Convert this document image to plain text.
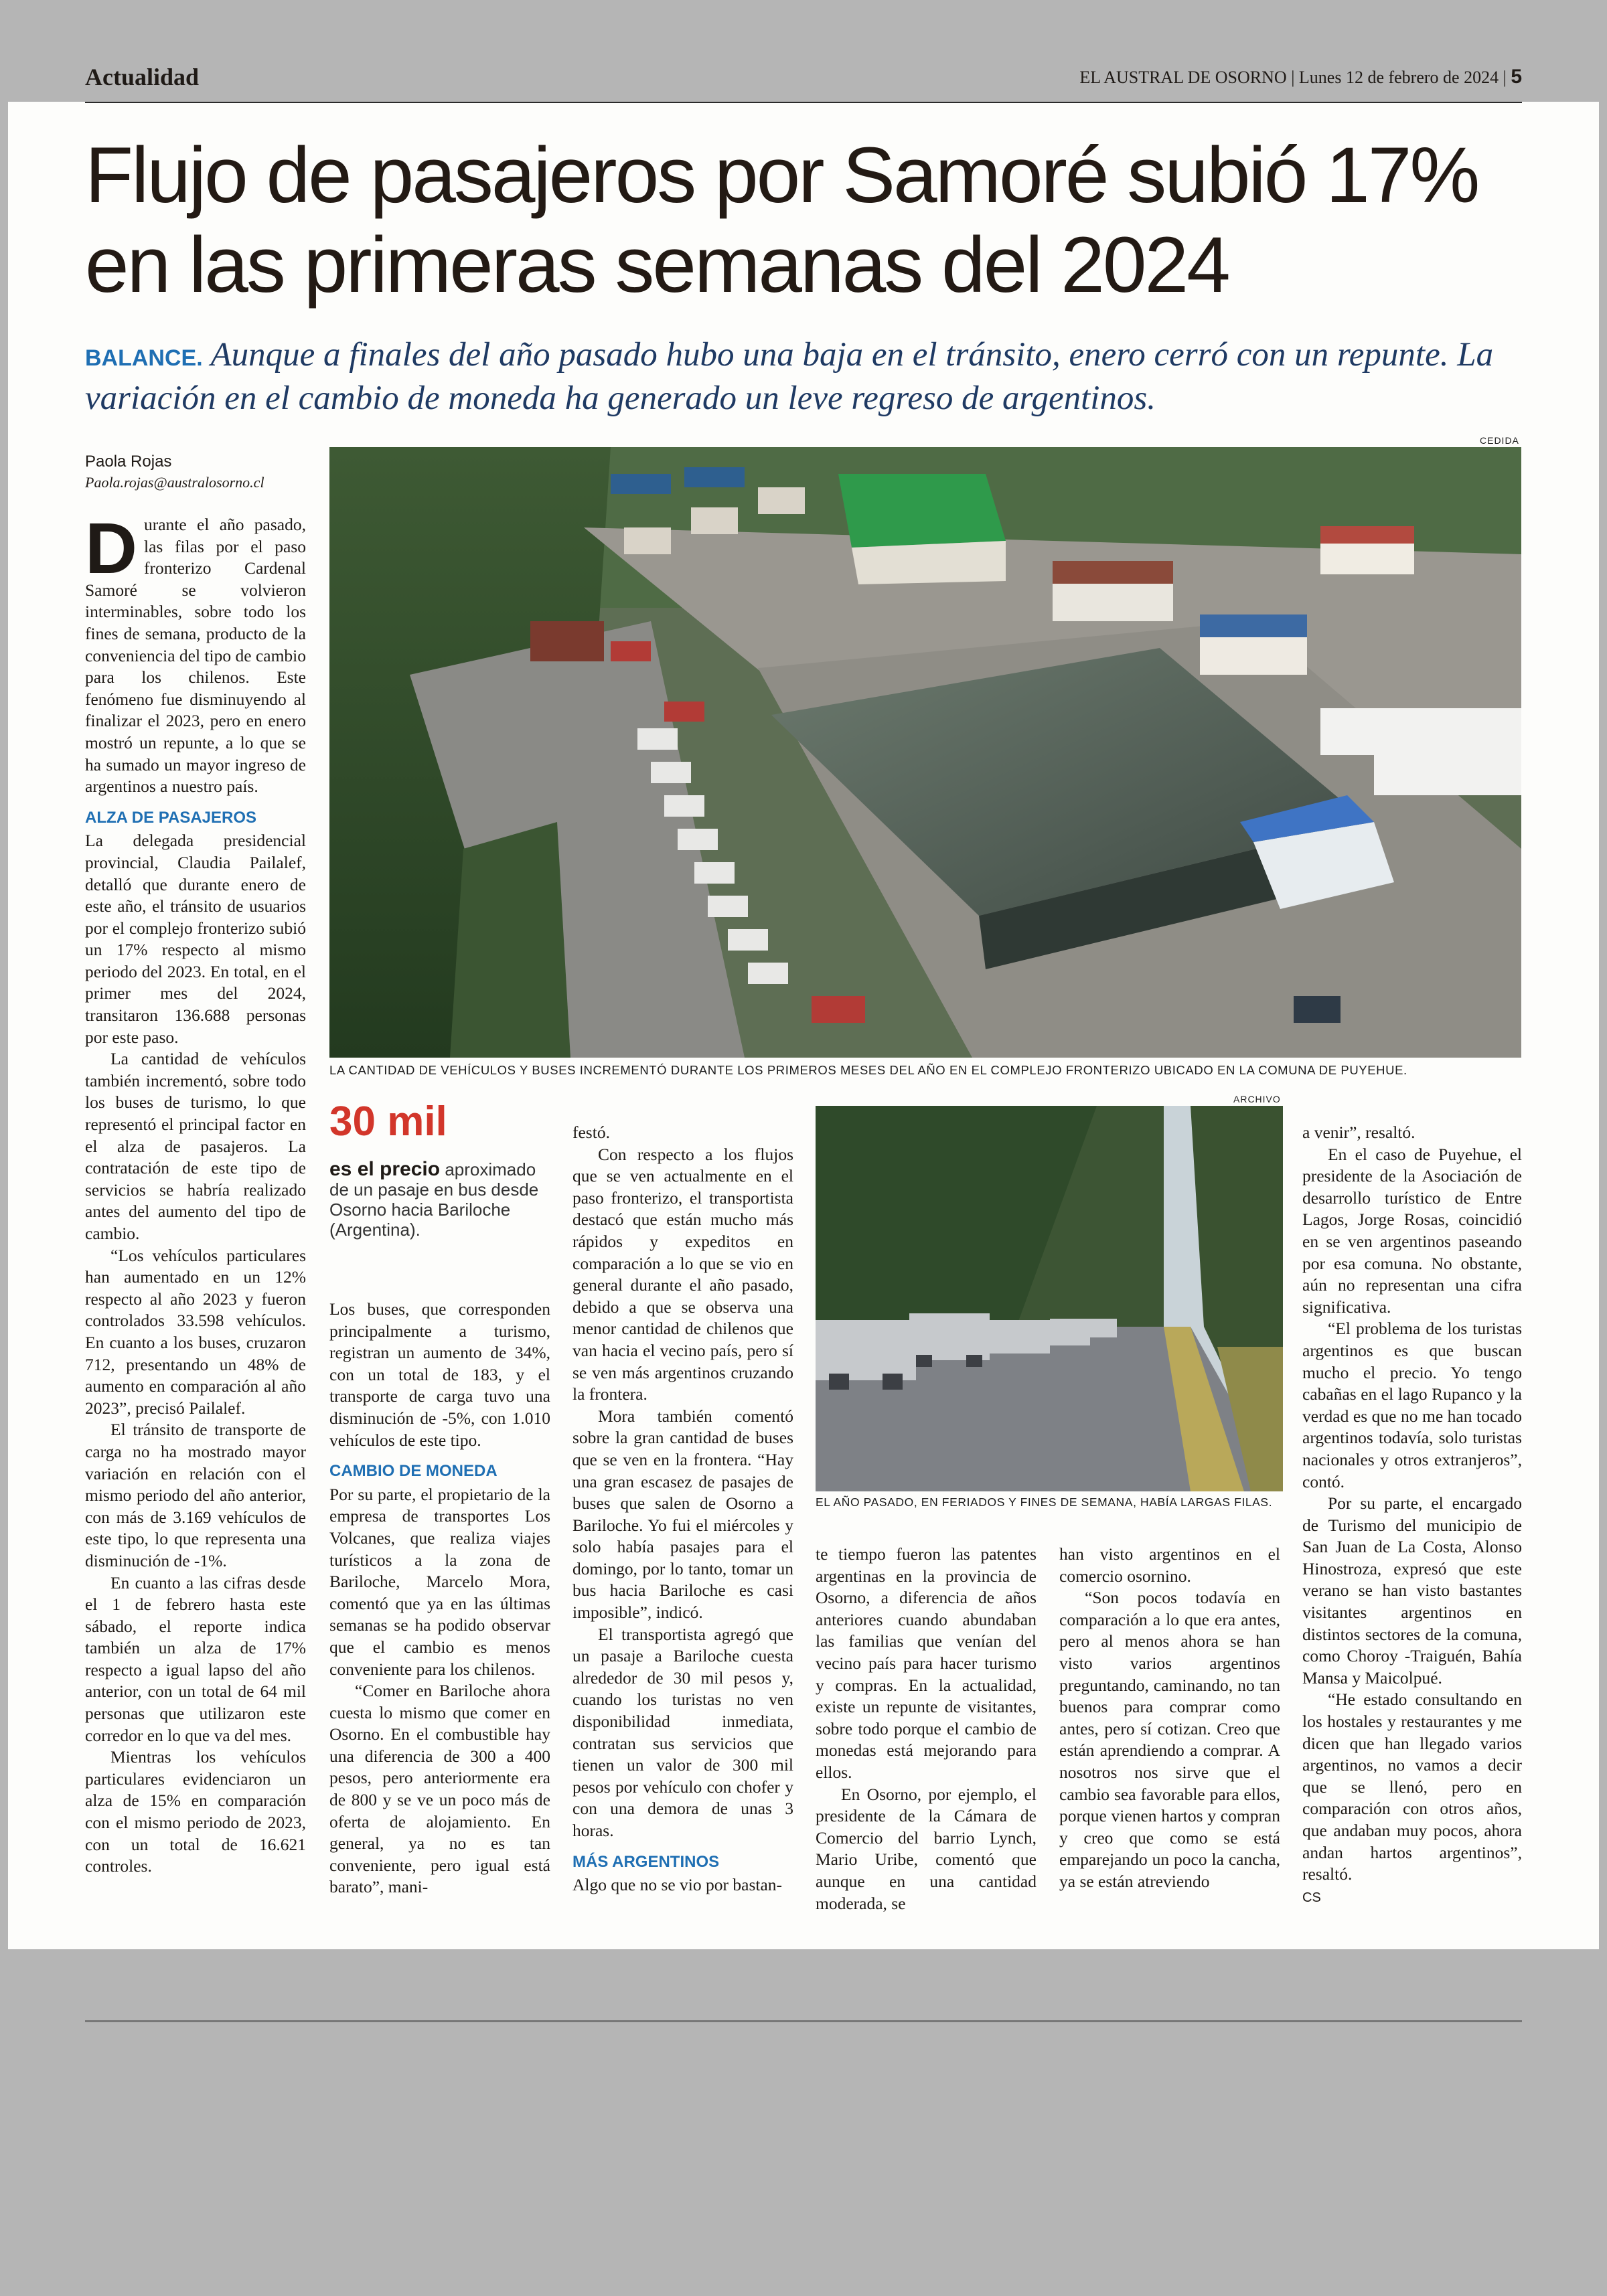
Actualidad	EL AUSTRAL DE OSORNO | Lunes 12 de febrero de 2024 | 5
Flujo de pasajeros por Samoré subió 17% en las primeras semanas del 2024
BALANCE. Aunque a finales del año pasado hubo una baja en el tránsito, enero cerró con un repunte. La variación en el cambio de moneda ha generado un leve regreso de argentinos.
Paola Rojas
Paola.rojas@australosorno.cl
CEDIDA
LA CANTIDAD DE VEHÍCULOS Y BUSES INCREMENTÓ DURANTE LOS PRIMEROS MESES DEL AÑO EN EL COMPLEJO FRONTERIZO UBICADO EN LA COMUNA DE PUYEHUE.
30 mil
es el precio aproximado de un pasaje en bus desde Osorno hacia Bariloche (Argentina).
ARCHIVO
EL AÑO PASADO, EN FERIADOS Y FINES DE SEMANA, HABÍA LARGAS FILAS.

Durante el año pasado, las filas por el paso fronterizo Cardenal Samoré se volvieron interminables, sobre todo los fines de semana, producto de la conveniencia del tipo de cambio para los chilenos. Este fenómeno fue disminuyendo al finalizar el 2023, pero en enero mostró un repunte, a lo que se ha sumado un mayor ingreso de argentinos a nuestro país.

ALZA DE PASAJEROS

La delegada presidencial provincial, Claudia Pailalef, detalló que durante enero de este año, el tránsito de usuarios por el complejo fronterizo subió un 17% respecto al mismo periodo del 2023. En total, en el primer mes del 2024, transitaron 136.688 personas por este paso.

La cantidad de vehículos también incrementó, sobre todo los buses de turismo, lo que representó el principal factor en el alza de pasajeros. La contratación de este tipo de servicios se habría realizado antes del aumento del tipo de cambio.

“Los vehículos particulares han aumentado en un 12% respecto al año 2023 y fueron controlados 33.598 vehículos. En cuanto a los buses, cruzaron 712, presentando un 48% de aumento en comparación al año 2023”, precisó Pailalef.

El tránsito de transporte de carga no ha mostrado mayor variación en relación con el mismo periodo del año anterior, con más de 3.169 vehículos de este tipo, lo que representa una disminución de -1%.

En cuanto a las cifras desde el 1 de febrero hasta este sábado, el reporte indica también un alza de 17% respecto a igual lapso del año anterior, con un total de 64 mil personas que utilizaron este corredor en lo que va del mes.

Mientras los vehículos particulares evidenciaron un alza de 15% en comparación con el mismo periodo de 2023, con un total de 16.621 controles.

Los buses, que corresponden principalmente a turismo, registran un aumento de 34%, con un total de 183, y el transporte de carga tuvo una disminución de -5%, con 1.010 vehículos de este tipo.

CAMBIO DE MONEDA

Por su parte, el propietario de la empresa de transportes Los Volcanes, que realiza viajes turísticos a la zona de Bariloche, Marcelo Mora, comentó que ya en las últimas semanas se ha podido observar que el cambio es menos conveniente para los chilenos.

“Comer en Bariloche ahora cuesta lo mismo que comer en Osorno. En el combustible hay una diferencia de 300 a 400 pesos, pero anteriormente era de 800 y se ve un poco más de oferta de alojamiento. En general, ya no es tan conveniente, pero igual está barato”, mani-

festó.

Con respecto a los flujos que se ven actualmente en el paso fronterizo, el transportista destacó que están mucho más rápidos y expeditos en comparación a lo que se vio en general durante el año pasado, debido a que se observa una menor cantidad de chilenos que van hacia el vecino país, pero sí se ven más argentinos cruzando la frontera.

Mora también comentó sobre la gran cantidad de buses que se ven en la frontera. “Hay una gran escasez de pasajes de buses que salen de Osorno a Bariloche. Yo fui el miércoles y solo había pasajes para el domingo, por lo tanto, tomar un bus hacia Bariloche es casi imposible”, indicó.

El transportista agregó que un pasaje a Bariloche cuesta alrededor de 30 mil pesos y, cuando los turistas no ven disponibilidad inmediata, contratan sus servicios que tienen un valor de 300 mil pesos por vehículo con chofer y con una demora de unas 3 horas.

MÁS ARGENTINOS

Algo que no se vio por bastan-

te tiempo fueron las patentes argentinas en la provincia de Osorno, a diferencia de años anteriores cuando abundaban las familias que venían del vecino país para hacer turismo y compras. En la actualidad, existe un repunte de visitantes, sobre todo porque el cambio de monedas está mejorando para ellos.

En Osorno, por ejemplo, el presidente de la Cámara de Comercio del barrio Lynch, Mario Uribe, comentó que aunque en una cantidad moderada, se

han visto argentinos en el comercio osornino.

“Son pocos todavía en comparación a lo que era antes, pero al menos ahora se han visto varios argentinos preguntando, caminando, no tan buenos para comprar como antes, pero sí cotizan. Creo que están aprendiendo a comprar. A nosotros nos sirve que el cambio sea favorable para ellos, porque vienen hartos y compran y creo que como se está emparejando un poco la cancha, ya se están atreviendo

a venir”, resaltó.

En el caso de Puyehue, el presidente de la Asociación de desarrollo turístico de Entre Lagos, Jorge Rosas, coincidió en se ven argentinos paseando por esa comuna. No obstante, aún no representan una cifra significativa.

“El problema de los turistas argentinos es que buscan mucho el precio. Yo tengo cabañas en el lago Rupanco y la verdad es que no me han tocado argentinos todavía, solo turistas nacionales y otros extranjeros”, contó.

Por su parte, el encargado de Turismo del municipio de San Juan de La Costa, Alonso Hinostroza, expresó que este verano se han visto bastantes visitantes argentinos en distintos sectores de la comuna, como Choroy -Traiguén, Bahía Mansa y Maicolpué.

“He estado consultando en los hostales y restaurantes y me dicen que han llegado varios argentinos, no vamos a decir que se llenó, pero en comparación con otros años, que andaban muy pocos, ahora andan hartos argentinos”, resaltó.

CS
